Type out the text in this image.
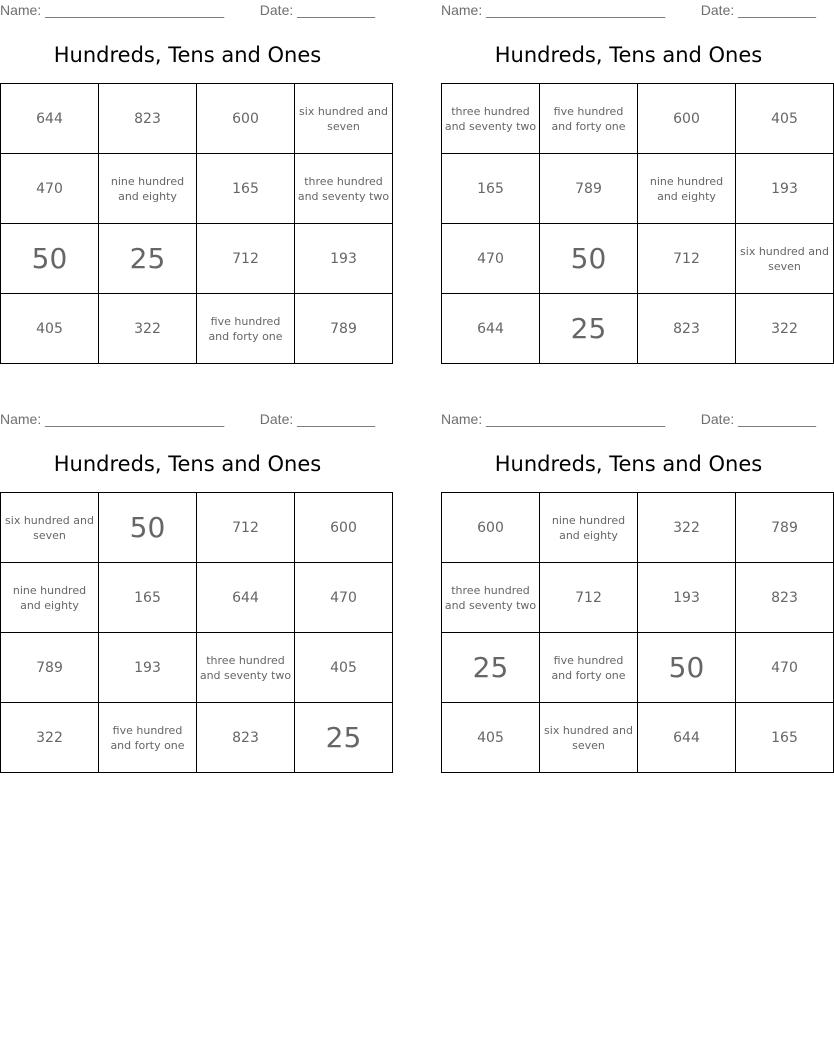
Name: _______________________	Date: __________
Hundreds, Tens and Ones
644	823	600	six hundred and seven
470	nine hundred and eighty	165	three hundred and seventy two
50	25	712	193
405	322	five hundred and forty one	789
Name: _______________________	Date: __________
Hundreds, Tens and Ones
three hundred and seventy two	five hundred and forty one	600	405
165	789	nine hundred and eighty	193
470	50	712	six hundred and seven
644	25	823	322
Name: _______________________	Date: __________
Hundreds, Tens and Ones
six hundred and seven	50	712	600
nine hundred and eighty	165	644	470
789	193	three hundred and seventy two	405
322	five hundred and forty one	823	25
Name: _______________________	Date: __________
Hundreds, Tens and Ones
600	nine hundred and eighty	322	789
three hundred and seventy two	712	193	823
25	five hundred and forty one	50	470
405	six hundred and seven	644	165
